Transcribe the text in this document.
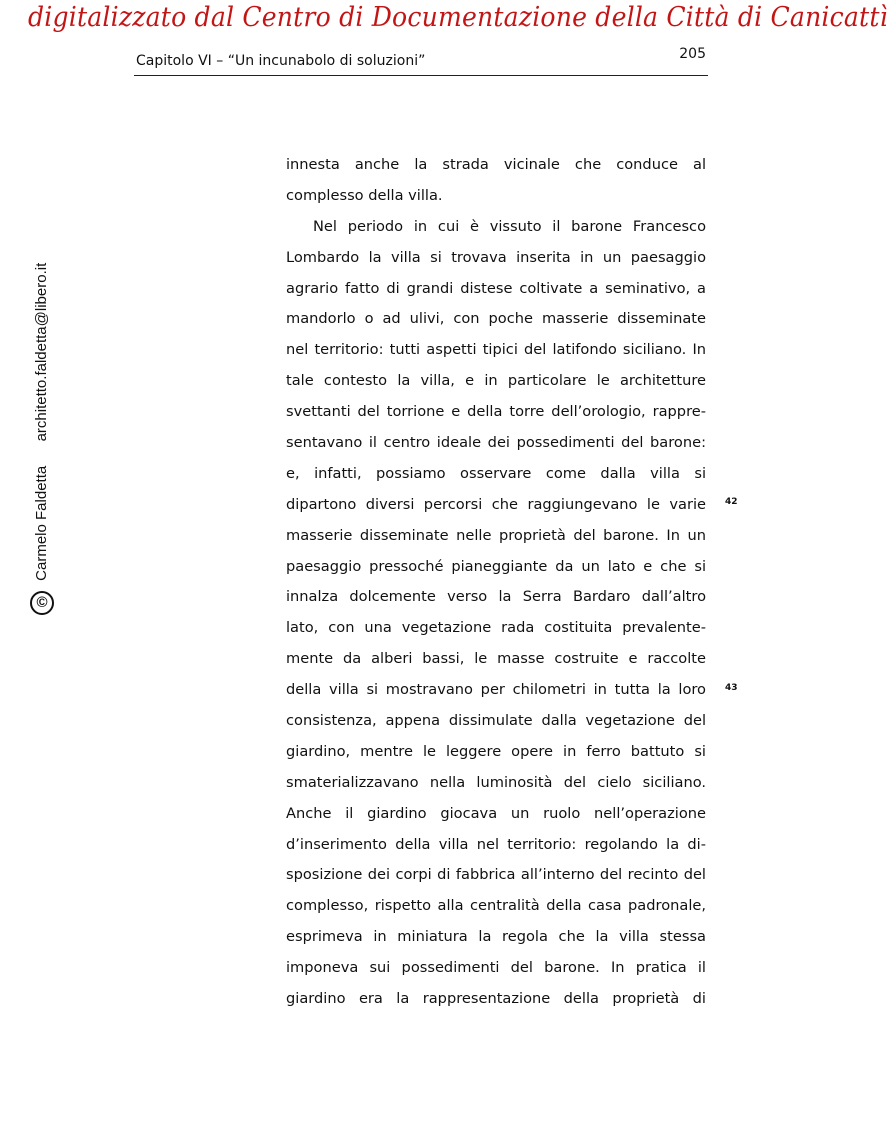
digitalizzato dal Centro di Documentazione della Città di Canicattì
Capitolo VI – “Un incunabolo di soluzioni”	205
© Carmelo Faldetta  architetto.faldetta@libero.it
innesta anche la strada vicinale che conduce al
complesso della villa.
Nel periodo in cui è vissuto il barone Francesco
Lombardo la villa si trovava inserita in un paesaggio
agrario fatto di grandi distese coltivate a seminativo, a
mandorlo o ad ulivi, con poche masserie disseminate
nel territorio: tutti aspetti tipici del latifondo siciliano. In
tale contesto la villa, e in particolare le architetture
svettanti del torrione e della torre dell’orologio, rappre-
sentavano il centro ideale dei possedimenti del barone:
e, infatti, possiamo osservare come dalla villa si
dipartono diversi percorsi che raggiungevano le varie
masserie disseminate nelle proprietà del barone. In un
paesaggio pressoché pianeggiante da un lato e che si
innalza dolcemente verso la Serra Bardaro dall’altro
lato, con una vegetazione rada costituita prevalente-
mente da alberi bassi, le masse costruite e raccolte
della villa si mostravano per chilometri in tutta la loro
consistenza, appena dissimulate dalla vegetazione del
giardino, mentre le leggere opere in ferro battuto si
smaterializzavano nella luminosità del cielo siciliano.
Anche il giardino giocava un ruolo nell’operazione
d’inserimento della villa nel territorio: regolando la di-
sposizione dei corpi di fabbrica all’interno del recinto del
complesso, rispetto alla centralità della casa padronale,
esprimeva in miniatura la regola che la villa stessa
imponeva sui possedimenti del barone. In pratica il
giardino era la rappresentazione della proprietà di
42
43
